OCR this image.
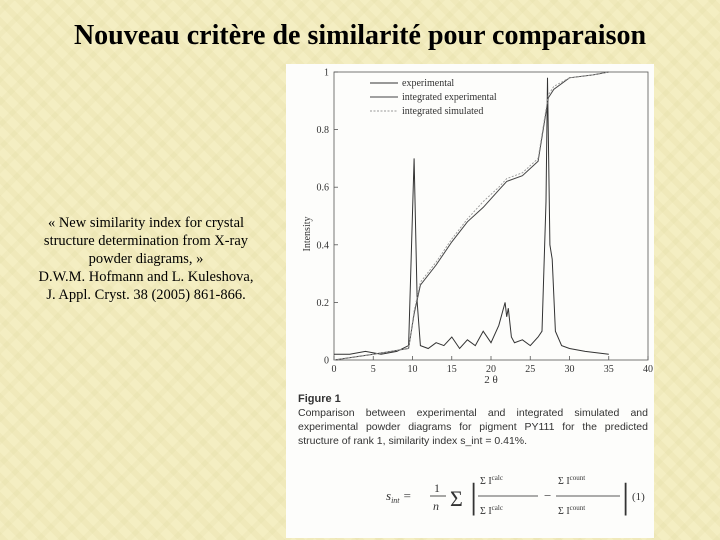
Nouveau critère de similarité pour comparaison
« New similarity index for crystal
structure determination from X-ray
powder diagrams, »
D.W.M. Hofmann and L. Kuleshova,
J. Appl. Cryst. 38 (2005) 861-866.
0	5	10	15	20	25	30	35	40
0
0.2
0.4
0.6
0.8
1
experimental
integrated experimental
integrated simulated
Intensity
2 θ
Figure 1
Comparison between experimental and integrated simulated and experimental powder diagrams for pigment PY111 for the predicted structure of rank 1, similarity index s_int = 0.41%.
$s_{int} = 1$
n Σ | Σ $I^{calc}$
Σ $I^{calc}$
−
Σ $I^{count}$
Σ $I^{count}$ | (1)
